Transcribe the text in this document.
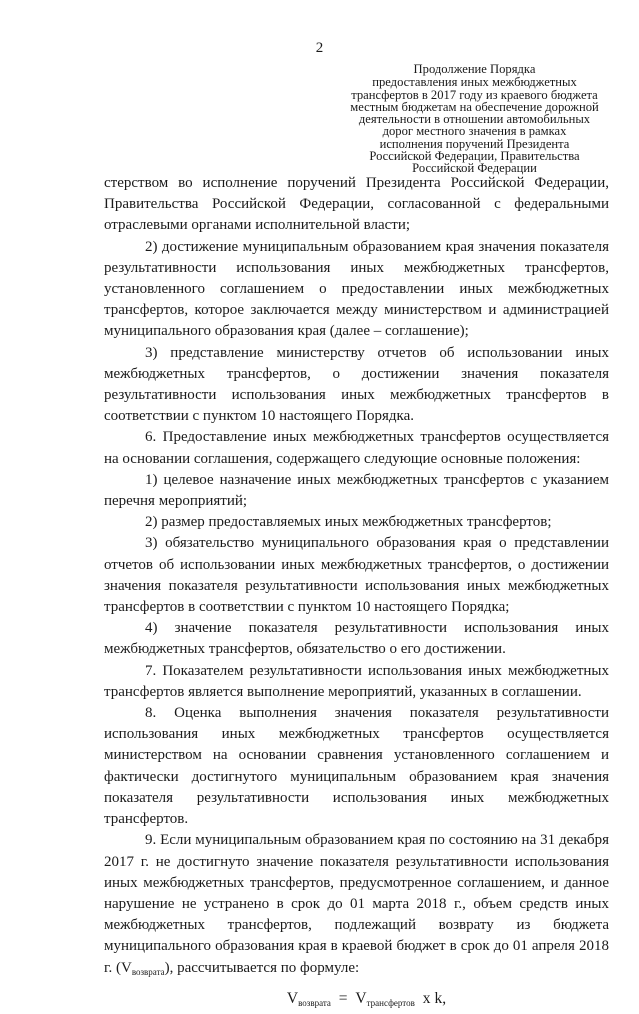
2
Продолжение Порядка
предоставления иных межбюджетных
трансфертов в 2017 году из краевого бюджета
местным бюджетам на обеспечение дорожной
деятельности в отношении автомобильных
дорог местного значения в рамках
исполнения поручений Президента
Российской Федерации, Правительства
Российской Федерации

стерством во исполнение поручений Президента Российской Федерации, Правительства Российской Федерации, согласованной с федеральными отраслевыми органами исполнительной власти;

2) достижение муниципальным образованием края значения показателя результативности использования иных межбюджетных трансфертов, установленного соглашением о предоставлении иных межбюджетных трансфертов, которое заключается между министерством и администрацией муниципального образования края (далее – соглашение);

3) представление министерству отчетов об использовании иных межбюджетных трансфертов, о достижении значения показателя результативности использования иных межбюджетных трансфертов в соответствии с пунктом 10 настоящего Порядка.

6. Предоставление иных межбюджетных трансфертов осуществляется на основании соглашения, содержащего следующие основные положения:

1) целевое назначение иных межбюджетных трансфертов с указанием перечня мероприятий;

2) размер предоставляемых иных межбюджетных трансфертов;

3) обязательство муниципального образования края о представлении отчетов об использовании иных межбюджетных трансфертов, о достижении значения показателя результативности использования иных межбюджетных трансфертов в соответствии с пунктом 10 настоящего Порядка;

4) значение показателя результативности использования иных межбюджетных трансфертов, обязательство о его достижении.

7. Показателем результативности использования иных межбюджетных трансфертов является выполнение мероприятий, указанных в соглашении.

8. Оценка выполнения значения показателя результативности использования иных межбюджетных трансфертов осуществляется министерством на основании сравнения установленного соглашением и фактически достигнутого муниципальным образованием края значения показателя результативности использования иных межбюджетных трансфертов.

9. Если муниципальным образованием края по состоянию на 31 декабря 2017 г. не достигнуто значение показателя результативности использования иных межбюджетных трансфертов, предусмотренное соглашением, и данное нарушение не устранено в срок до 01 марта 2018 г., объем средств иных межбюджетных трансфертов, подлежащий возврату из бюджета муниципального образования края в краевой бюджет в срок до 01 апреля 2018 г. $(V_{возврата})$, рассчитывается по формуле:

$V_{возврата} = V_{трансфертов}$ x k,
